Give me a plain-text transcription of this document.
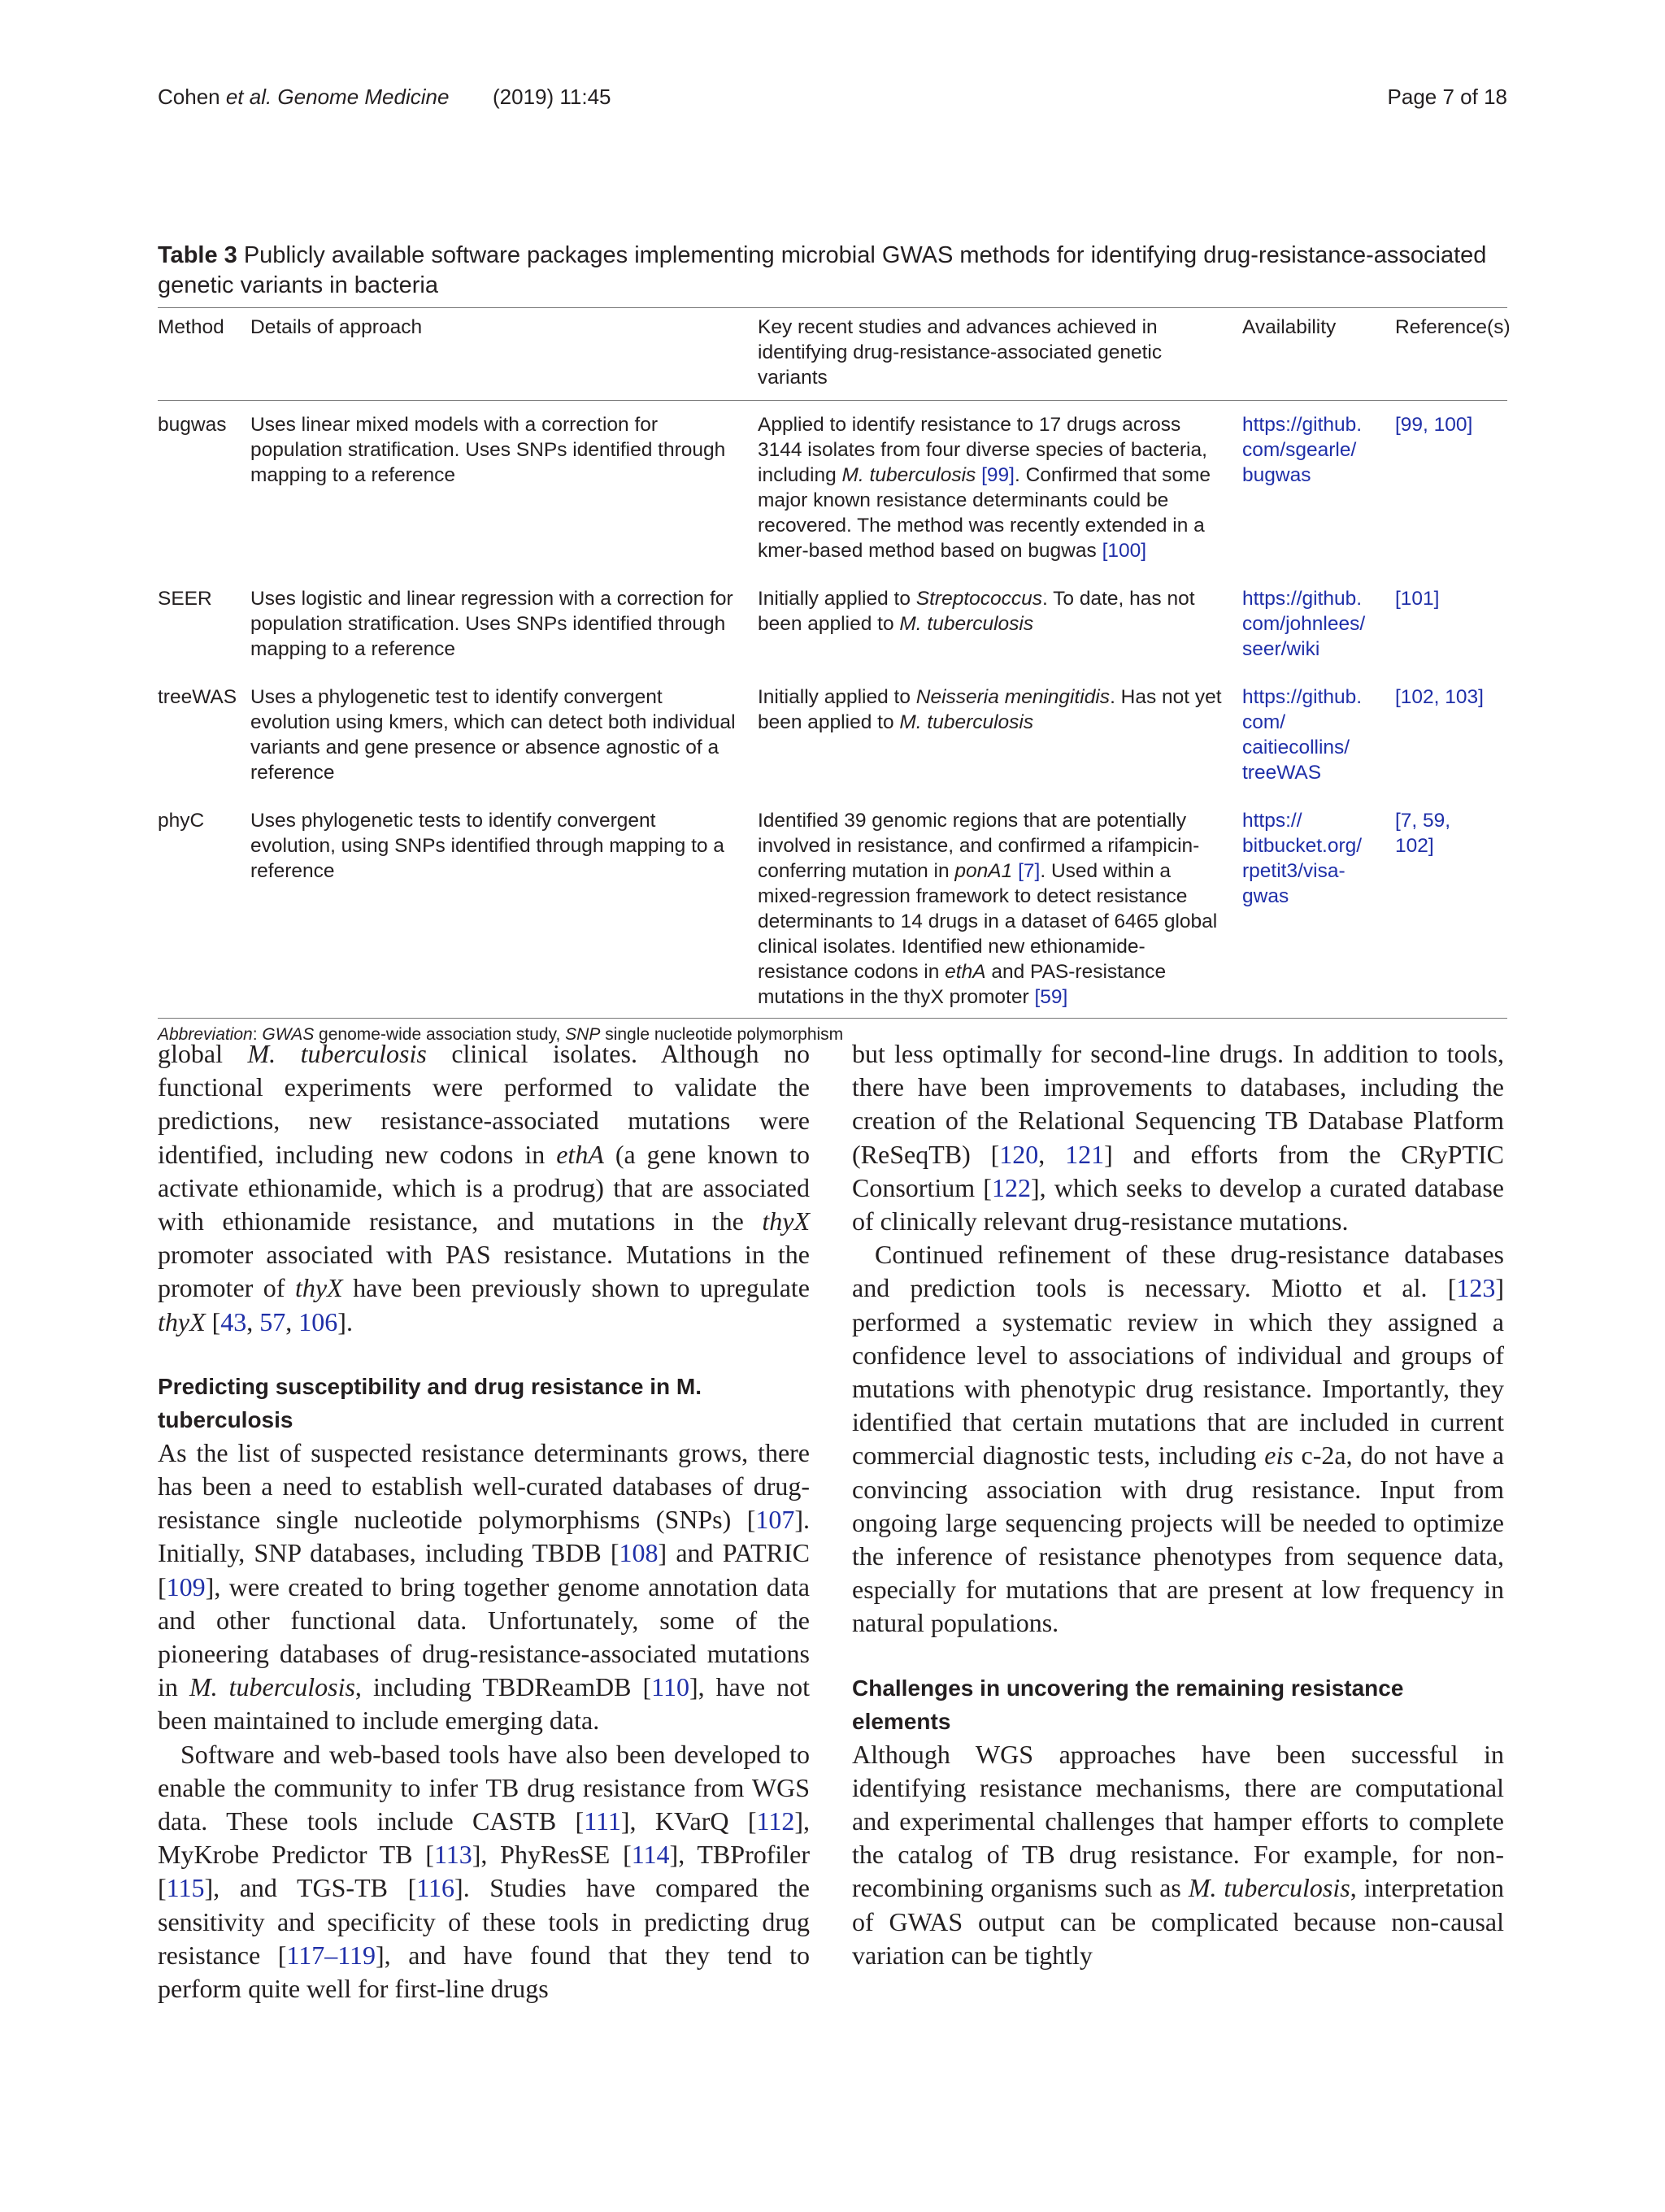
Cohen et al. Genome Medicine (2019) 11:45	Page 7 of 18
Table 3 Publicly available software packages implementing microbial GWAS methods for identifying drug-resistance-associated genetic variants in bacteria
Method	Details of approach	Key recent studies and advances achieved in identifying drug-resistance-associated genetic variants	Availability	Reference(s)
bugwas	Uses linear mixed models with a correction for population stratification. Uses SNPs identified through mapping to a reference	Applied to identify resistance to 17 drugs across 3144 isolates from four diverse species of bacteria, including M. tuberculosis [99]. Confirmed that some major known resistance determinants could be recovered. The method was recently extended in a kmer-based method based on bugwas [100]	https://github.​com/sgearle/​bugwas	[99, 100]
SEER	Uses logistic and linear regression with a correction for population stratification. Uses SNPs identified through mapping to a reference	Initially applied to Streptococcus. To date, has not been applied to M. tuberculosis	https://github.​com/johnlees/​seer/wiki	[101]
treeWAS	Uses a phylogenetic test to identify convergent evolution using kmers, which can detect both individual variants and gene presence or absence agnostic of a reference	Initially applied to Neisseria meningitidis. Has not yet been applied to M. tuberculosis	https://github.​com/​caitiecollins/​treeWAS	[102, 103]
phyC	Uses phylogenetic tests to identify convergent evolution, using SNPs identified through mapping to a reference	Identified 39 genomic regions that are potentially involved in resistance, and confirmed a rifampicin-conferring mutation in ponA1 [7]. Used within a mixed-regression framework to detect resistance determinants to 14 drugs in a dataset of 6465 global clinical isolates. Identified new ethionamide-resistance codons in ethA and PAS-resistance mutations in the thyX promoter [59]	https://​bitbucket.org/​rpetit3/visa-​gwas	[7, 59, 102]
Abbreviation: GWAS genome-wide association study, SNP single nucleotide polymorphism

global M. tuberculosis clinical isolates. Although no functional experiments were performed to validate the predictions, new resistance-associated mutations were identified, including new codons in ethA (a gene known to activate ethionamide, which is a prodrug) that are associated with ethionamide resistance, and mutations in the thyX promoter associated with PAS resistance. Mutations in the promoter of thyX have been previously shown to upregulate thyX [43, 57, 106].

Predicting susceptibility and drug resistance in M. tuberculosis

As the list of suspected resistance determinants grows, there has been a need to establish well-curated databases of drug-resistance single nucleotide polymorphisms (SNPs) [107]. Initially, SNP databases, including TBDB [108] and PATRIC [109], were created to bring together genome annotation data and other functional data. Unfortunately, some of the pioneering databases of drug-resistance-associated mutations in M. tuberculosis, including TBDReamDB [110], have not been maintained to include emerging data.

Software and web-based tools have also been developed to enable the community to infer TB drug resistance from WGS data. These tools include CASTB [111], KVarQ [112], MyKrobe Predictor TB [113], PhyResSE [114], TBProfiler [115], and TGS-TB [116]. Studies have compared the sensitivity and specificity of these tools in predicting drug resistance [117–119], and have found that they tend to perform quite well for first-line drugs

but less optimally for second-line drugs. In addition to tools, there have been improvements to databases, including the creation of the Relational Sequencing TB Database Platform (ReSeqTB) [120, 121] and efforts from the CRyPTIC Consortium [122], which seeks to develop a curated database of clinically relevant drug-resistance mutations.

Continued refinement of these drug-resistance databases and prediction tools is necessary. Miotto et al. [123] performed a systematic review in which they assigned a confidence level to associations of individual and groups of mutations with phenotypic drug resistance. Importantly, they identified that certain mutations that are included in current commercial diagnostic tests, including eis c-2a, do not have a convincing association with drug resistance. Input from ongoing large sequencing projects will be needed to optimize the inference of resistance phenotypes from sequence data, especially for mutations that are present at low frequency in natural populations.

Challenges in uncovering the remaining resistance elements

Although WGS approaches have been successful in identifying resistance mechanisms, there are computational and experimental challenges that hamper efforts to complete the catalog of TB drug resistance. For example, for non-recombining organisms such as M. tuberculosis, interpretation of GWAS output can be complicated because non-causal variation can be tightly
